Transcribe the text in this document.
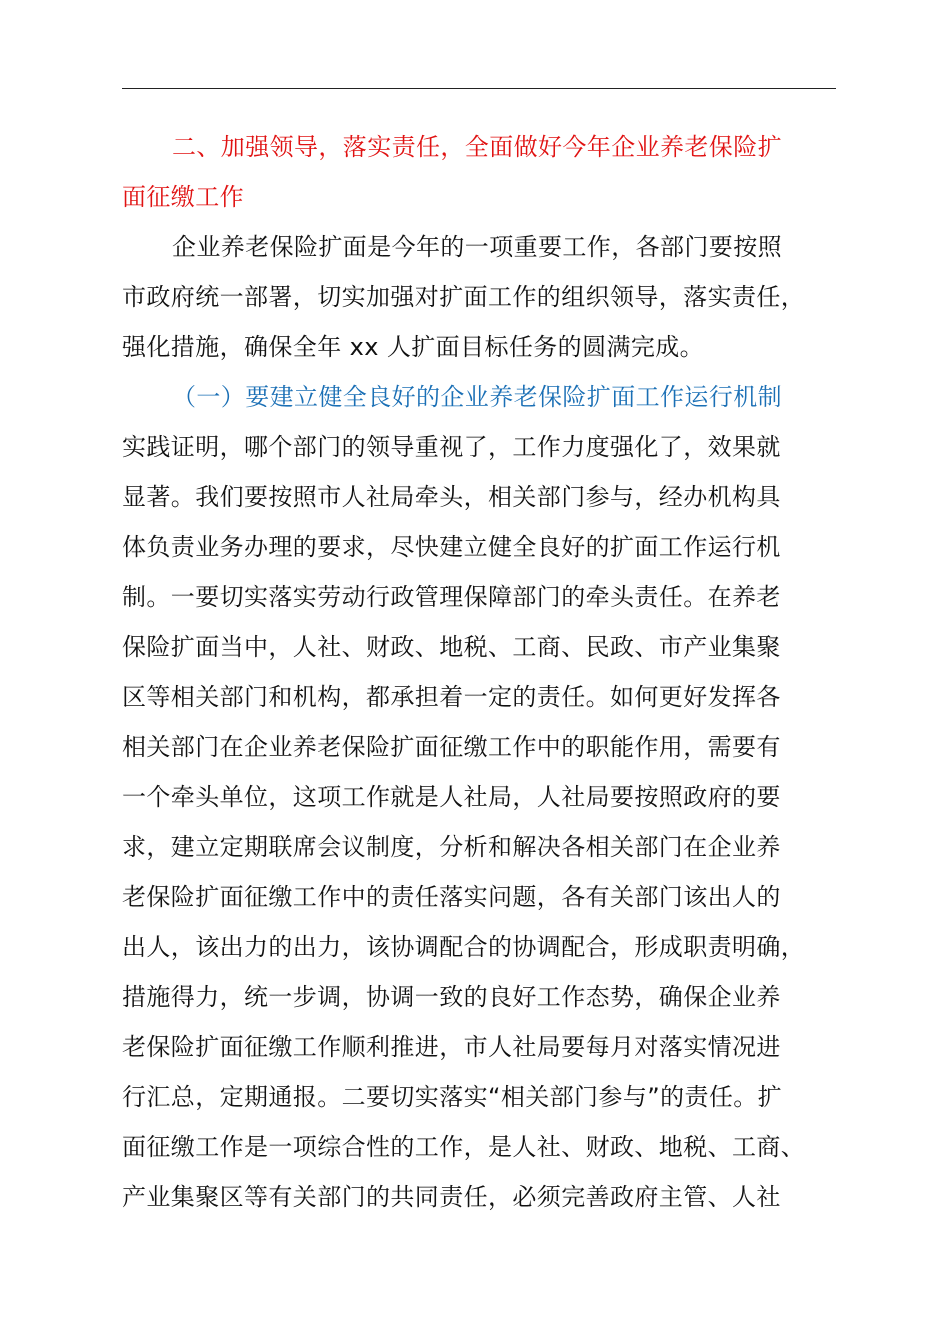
二、加强领导，落实责任，全面做好今年企业养老保险扩
面征缴工作
企业养老保险扩面是今年的一项重要工作，各部门要按照
市政府统一部署，切实加强对扩面工作的组织领导，落实责任，
强化措施，确保全年 xx 人扩面目标任务的圆满完成。
（一）要建立健全良好的企业养老保险扩面工作运行机制
实践证明，哪个部门的领导重视了，工作力度强化了，效果就
显著。我们要按照市人社局牵头，相关部门参与，经办机构具
体负责业务办理的要求，尽快建立健全良好的扩面工作运行机
制。一要切实落实劳动行政管理保障部门的牵头责任。在养老
保险扩面当中，人社、财政、地税、工商、民政、市产业集聚
区等相关部门和机构，都承担着一定的责任。如何更好发挥各
相关部门在企业养老保险扩面征缴工作中的职能作用，需要有
一个牵头单位，这项工作就是人社局，人社局要按照政府的要
求，建立定期联席会议制度，分析和解决各相关部门在企业养
老保险扩面征缴工作中的责任落实问题，各有关部门该出人的
出人，该出力的出力，该协调配合的协调配合，形成职责明确，
措施得力，统一步调，协调一致的良好工作态势，确保企业养
老保险扩面征缴工作顺利推进，市人社局要每月对落实情况进
行汇总，定期通报。二要切实落实“相关部门参与”的责任。扩
面征缴工作是一项综合性的工作，是人社、财政、地税、工商、
产业集聚区等有关部门的共同责任，必须完善政府主管、人社
